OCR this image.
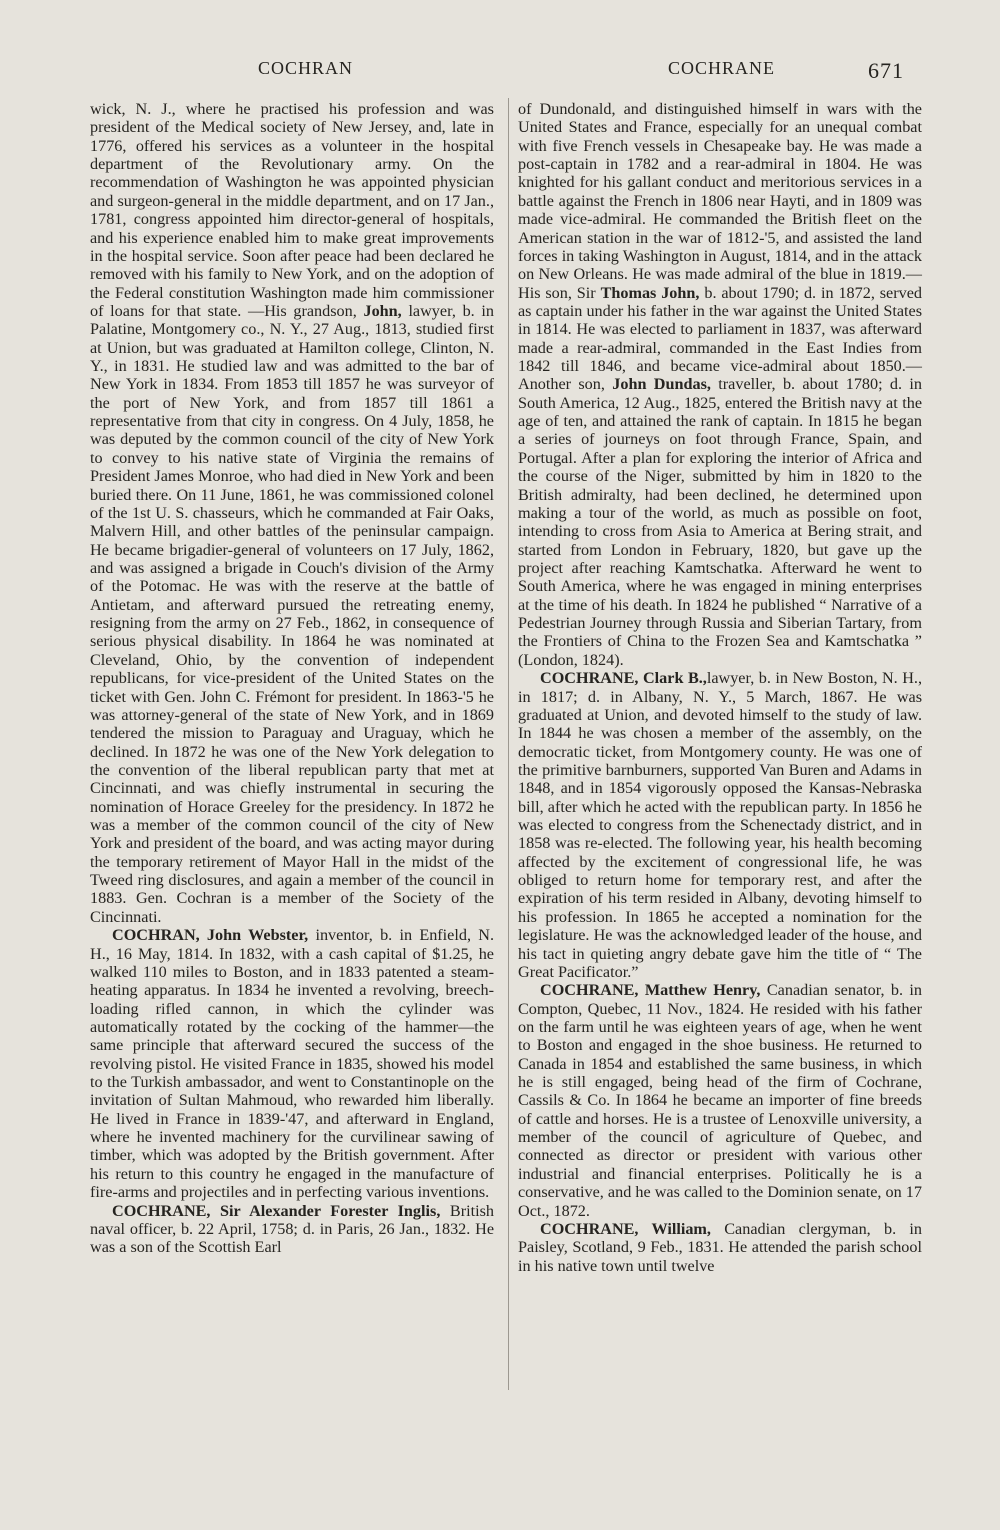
COCHRAN	COCHRANE	671

wick, N. J., where he practised his profession and was president of the Medical society of New Jersey, and, late in 1776, offered his services as a volunteer in the hospital department of the Revolutionary army. On the recommendation of Washington he was appointed physician and surgeon-general in the middle department, and on 17 Jan., 1781, congress appointed him director-general of hospitals, and his experience enabled him to make great improvements in the hospital service. Soon after peace had been declared he removed with his family to New York, and on the adoption of the Federal constitution Washington made him commissioner of loans for that state. —His grandson, John, lawyer, b. in Palatine, Montgomery co., N. Y., 27 Aug., 1813, studied first at Union, but was graduated at Hamilton college, Clinton, N. Y., in 1831. He studied law and was admitted to the bar of New York in 1834. From 1853 till 1857 he was surveyor of the port of New York, and from 1857 till 1861 a representative from that city in congress. On 4 July, 1858, he was deputed by the common council of the city of New York to convey to his native state of Virginia the remains of President James Monroe, who had died in New York and been buried there. On 11 June, 1861, he was commissioned colonel of the 1st U. S. chasseurs, which he commanded at Fair Oaks, Malvern Hill, and other battles of the peninsular campaign. He became brigadier-general of volunteers on 17 July, 1862, and was assigned a brigade in Couch's division of the Army of the Potomac. He was with the reserve at the battle of Antietam, and afterward pursued the retreating enemy, resigning from the army on 27 Feb., 1862, in consequence of serious physical disability. In 1864 he was nominated at Cleveland, Ohio, by the convention of independent republicans, for vice-president of the United States on the ticket with Gen. John C. Frémont for president. In 1863-'5 he was attorney-general of the state of New York, and in 1869 tendered the mission to Paraguay and Uraguay, which he declined. In 1872 he was one of the New York delegation to the convention of the liberal republican party that met at Cincinnati, and was chiefly instrumental in securing the nomination of Horace Greeley for the presidency. In 1872 he was a member of the common council of the city of New York and president of the board, and was acting mayor during the temporary retirement of Mayor Hall in the midst of the Tweed ring disclosures, and again a member of the council in 1883. Gen. Cochran is a member of the Society of the Cincinnati.

COCHRAN, John Webster, inventor, b. in Enfield, N. H., 16 May, 1814. In 1832, with a cash capital of $1.25, he walked 110 miles to Boston, and in 1833 patented a steam-heating apparatus. In 1834 he invented a revolving, breech-loading rifled cannon, in which the cylinder was automatically rotated by the cocking of the hammer—the same principle that afterward secured the success of the revolving pistol. He visited France in 1835, showed his model to the Turkish ambassador, and went to Constantinople on the invitation of Sultan Mahmoud, who rewarded him liberally. He lived in France in 1839-'47, and afterward in England, where he invented machinery for the curvilinear sawing of timber, which was adopted by the British government. After his return to this country he engaged in the manufacture of fire-arms and projectiles and in perfecting various inventions.

COCHRANE, Sir Alexander Forester Inglis, British naval officer, b. 22 April, 1758; d. in Paris, 26 Jan., 1832. He was a son of the Scottish Earl

of Dundonald, and distinguished himself in wars with the United States and France, especially for an unequal combat with five French vessels in Chesapeake bay. He was made a post-captain in 1782 and a rear-admiral in 1804. He was knighted for his gallant conduct and meritorious services in a battle against the French in 1806 near Hayti, and in 1809 was made vice-admiral. He commanded the British fleet on the American station in the war of 1812-'5, and assisted the land forces in taking Washington in August, 1814, and in the attack on New Orleans. He was made admiral of the blue in 1819.—His son, Sir Thomas John, b. about 1790; d. in 1872, served as captain under his father in the war against the United States in 1814. He was elected to parliament in 1837, was afterward made a rear-admiral, commanded in the East Indies from 1842 till 1846, and became vice-admiral about 1850.—Another son, John Dundas, traveller, b. about 1780; d. in South America, 12 Aug., 1825, entered the British navy at the age of ten, and attained the rank of captain. In 1815 he began a series of journeys on foot through France, Spain, and Portugal. After a plan for exploring the interior of Africa and the course of the Niger, submitted by him in 1820 to the British admiralty, had been declined, he determined upon making a tour of the world, as much as possible on foot, intending to cross from Asia to America at Bering strait, and started from London in February, 1820, but gave up the project after reaching Kamtschatka. Afterward he went to South America, where he was engaged in mining enterprises at the time of his death. In 1824 he published “ Narrative of a Pedestrian Journey through Russia and Siberian Tartary, from the Frontiers of China to the Frozen Sea and Kamtschatka ” (London, 1824).

COCHRANE, Clark B.,lawyer, b. in New Boston, N. H., in 1817; d. in Albany, N. Y., 5 March, 1867. He was graduated at Union, and devoted himself to the study of law. In 1844 he was chosen a member of the assembly, on the democratic ticket, from Montgomery county. He was one of the primitive barnburners, supported Van Buren and Adams in 1848, and in 1854 vigorously opposed the Kansas-Nebraska bill, after which he acted with the republican party. In 1856 he was elected to congress from the Schenectady district, and in 1858 was re-elected. The following year, his health becoming affected by the excitement of congressional life, he was obliged to return home for temporary rest, and after the expiration of his term resided in Albany, devoting himself to his profession. In 1865 he accepted a nomination for the legislature. He was the acknowledged leader of the house, and his tact in quieting angry debate gave him the title of “ The Great Pacificator.”

COCHRANE, Matthew Henry, Canadian senator, b. in Compton, Quebec, 11 Nov., 1824. He resided with his father on the farm until he was eighteen years of age, when he went to Boston and engaged in the shoe business. He returned to Canada in 1854 and established the same business, in which he is still engaged, being head of the firm of Cochrane, Cassils & Co. In 1864 he became an importer of fine breeds of cattle and horses. He is a trustee of Lenoxville university, a member of the council of agriculture of Quebec, and connected as director or president with various other industrial and financial enterprises. Politically he is a conservative, and he was called to the Dominion senate, on 17 Oct., 1872.

COCHRANE, William, Canadian clergyman, b. in Paisley, Scotland, 9 Feb., 1831. He attended the parish school in his native town until twelve
